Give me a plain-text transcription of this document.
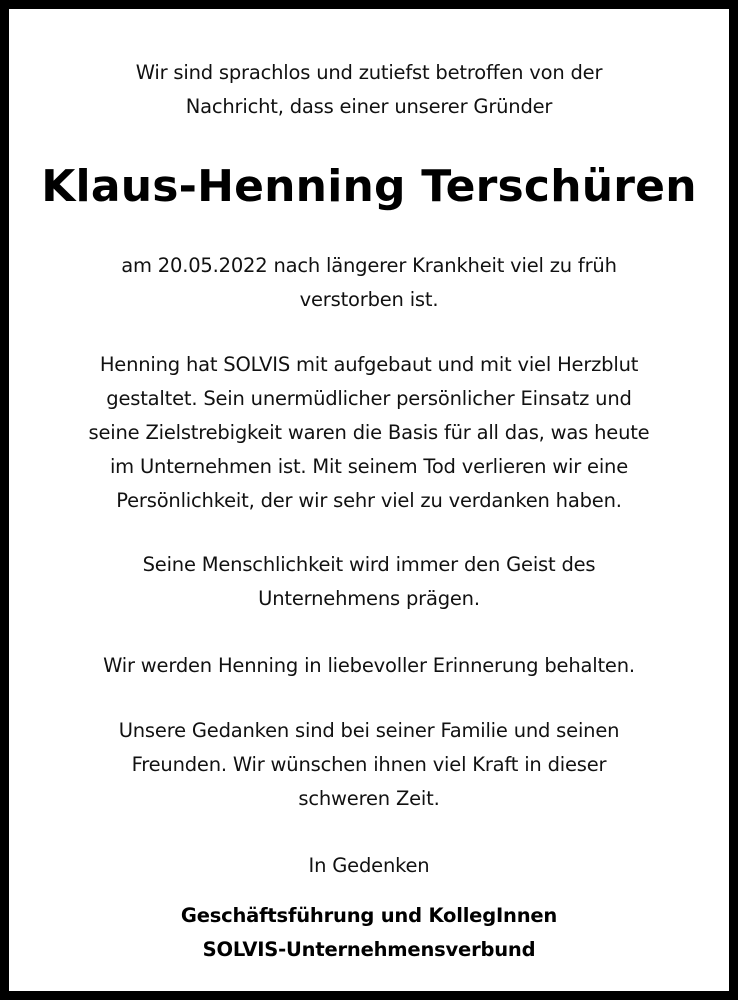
Wir sind sprachlos und zutiefst betroffen von der
Nachricht, dass einer unserer Gründer

Klaus-Henning Terschüren

am 20.05.2022 nach längerer Krankheit viel zu früh
verstorben ist.

Henning hat SOLVIS mit aufgebaut und mit viel Herzblut
gestaltet. Sein unermüdlicher persönlicher Einsatz und
seine Zielstrebigkeit waren die Basis für all das, was heute
im Unternehmen ist. Mit seinem Tod verlieren wir eine
Persönlichkeit, der wir sehr viel zu verdanken haben.

Seine Menschlichkeit wird immer den Geist des
Unternehmens prägen.

Wir werden Henning in liebevoller Erinnerung behalten.

Unsere Gedanken sind bei seiner Familie und seinen
Freunden. Wir wünschen ihnen viel Kraft in dieser
schweren Zeit.

In Gedenken

Geschäftsführung und KollegInnen
SOLVIS-Unternehmensverbund
